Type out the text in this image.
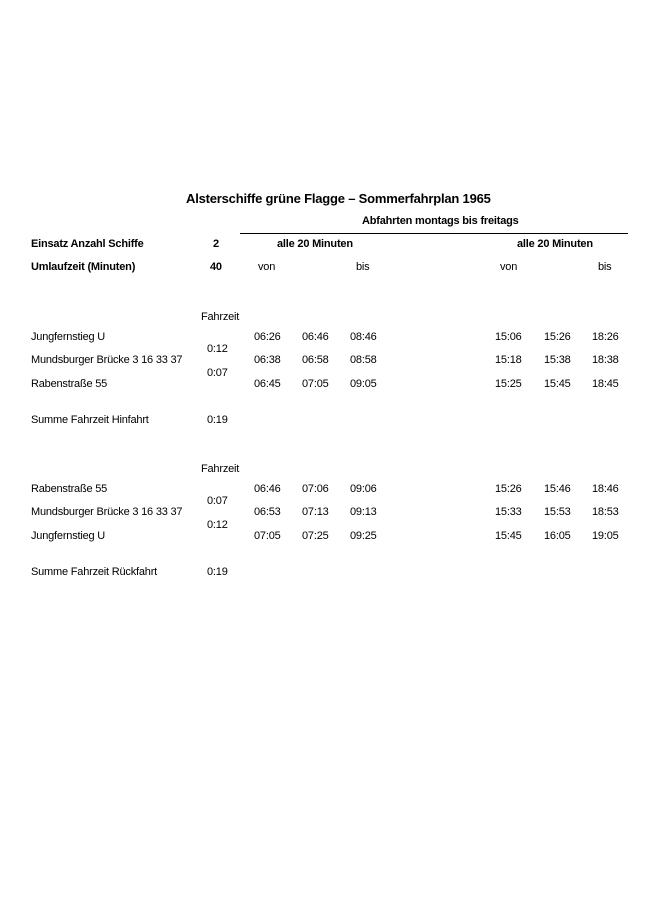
Alsterschiffe grüne Flagge – Sommerfahrplan 1965
Abfahrten montags bis freitags
Einsatz Anzahl Schiffe	2	alle 20 Minuten	alle 20 Minuten
Umlaufzeit (Minuten)	40	von	bis	von	bis
Fahrzeit
Jungfernstieg U	06:26 06:46 08:46	15:06 15:26 18:26
0:12
Mundsburger Brücke 3 16 33 37	06:38 06:58 08:58	15:18 15:38 18:38
0:07
Rabenstraße 55	06:45 07:05 09:05	15:25 15:45 18:45
Summe Fahrzeit Hinfahrt	0:19
Fahrzeit
Rabenstraße 55	06:46 07:06 09:06	15:26 15:46 18:46
0:07
Mundsburger Brücke 3 16 33 37	06:53 07:13 09:13	15:33 15:53 18:53
0:12
Jungfernstieg U	07:05 07:25 09:25	15:45 16:05 19:05
Summe Fahrzeit Rückfahrt	0:19
